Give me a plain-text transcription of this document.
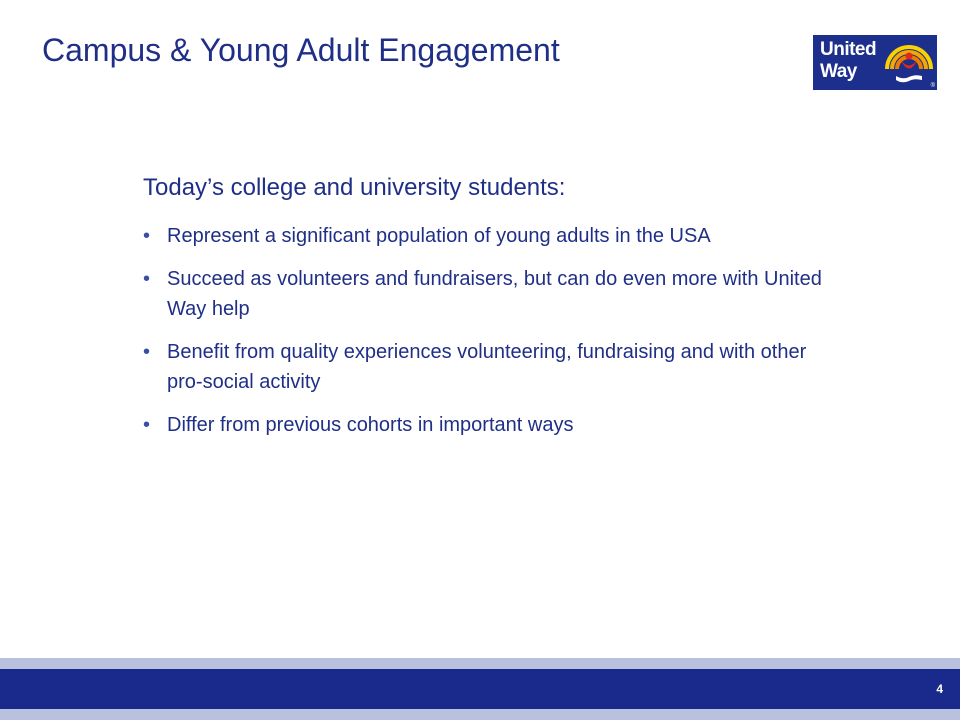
Campus & Young Adult Engagement	United
Way
®
Today’s college and university students:
• Represent a significant population of young adults in the USA
• Succeed as volunteers and fundraisers, but can do even more with United Way help
• Benefit from quality experiences volunteering, fundraising and with other pro-social activity
• Differ from previous cohorts in important ways
4
